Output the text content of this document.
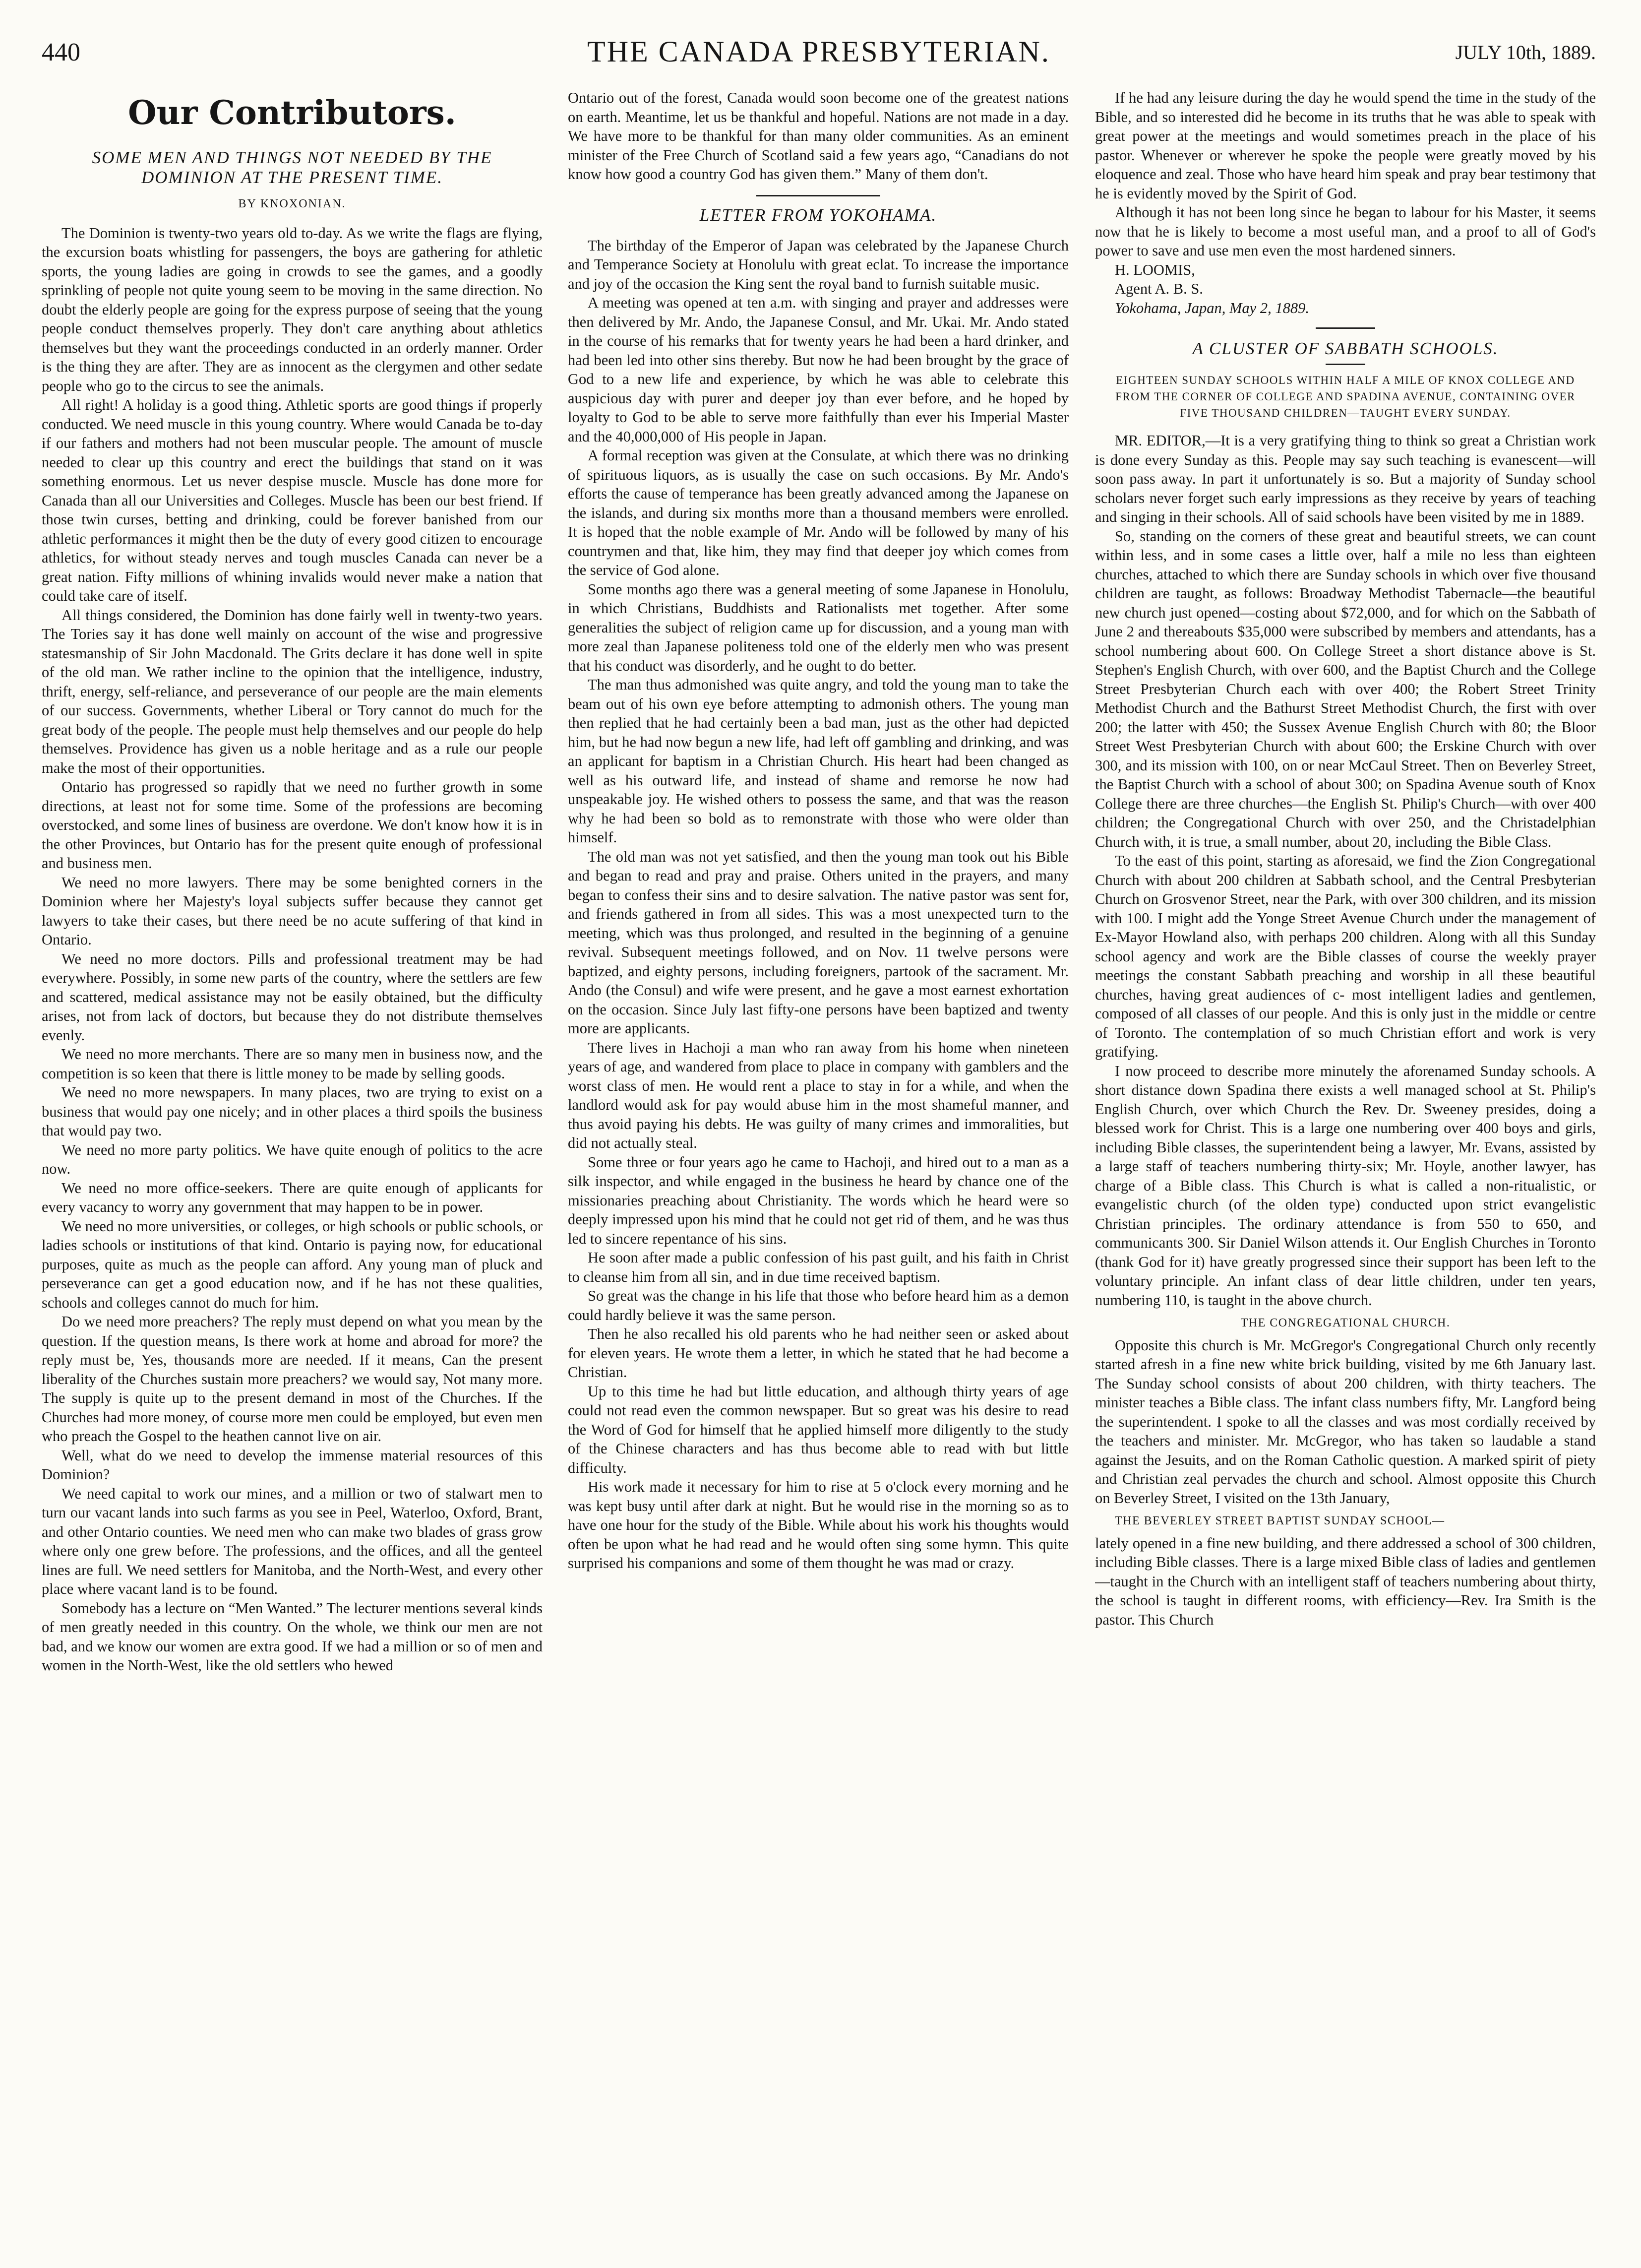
440	THE CANADA PRESBYTERIAN.	JULY 10th, 1889.
Our Contributors.
SOME MEN AND THINGS NOT NEEDED BY THE DOMINION AT THE PRESENT TIME.
BY KNOXONIAN.

The Dominion is twenty-two years old to-day. As we write the flags are flying, the excursion boats whistling for passengers, the boys are gathering for athletic sports, the young ladies are going in crowds to see the games, and a goodly sprinkling of people not quite young seem to be moving in the same direction. No doubt the elderly people are going for the express purpose of seeing that the young people conduct themselves properly. They don't care anything about athletics themselves but they want the proceedings conducted in an orderly manner. Order is the thing they are after. They are as innocent as the clergymen and other sedate people who go to the circus to see the animals.

All right! A holiday is a good thing. Athletic sports are good things if properly conducted. We need muscle in this young country. Where would Canada be to-day if our fathers and mothers had not been muscular people. The amount of muscle needed to clear up this country and erect the buildings that stand on it was something enormous. Let us never despise muscle. Muscle has done more for Canada than all our Universities and Colleges. Muscle has been our best friend. If those twin curses, betting and drinking, could be forever banished from our athletic performances it might then be the duty of every good citizen to encourage athletics, for without steady nerves and tough muscles Canada can never be a great nation. Fifty millions of whining invalids would never make a nation that could take care of itself.

All things considered, the Dominion has done fairly well in twenty-two years. The Tories say it has done well mainly on account of the wise and progressive statesmanship of Sir John Macdonald. The Grits declare it has done well in spite of the old man. We rather incline to the opinion that the intelligence, industry, thrift, energy, self-reliance, and perseverance of our people are the main elements of our success. Governments, whether Liberal or Tory cannot do much for the great body of the people. The people must help themselves and our people do help themselves. Providence has given us a noble heritage and as a rule our people make the most of their opportunities.

Ontario has progressed so rapidly that we need no further growth in some directions, at least not for some time. Some of the professions are becoming overstocked, and some lines of business are overdone. We don't know how it is in the other Provinces, but Ontario has for the present quite enough of professional and business men.

We need no more lawyers. There may be some benighted corners in the Dominion where her Majesty's loyal subjects suffer because they cannot get lawyers to take their cases, but there need be no acute suffering of that kind in Ontario.

We need no more doctors. Pills and professional treatment may be had everywhere. Possibly, in some new parts of the country, where the settlers are few and scattered, medical assistance may not be easily obtained, but the difficulty arises, not from lack of doctors, but because they do not distribute themselves evenly.

We need no more merchants. There are so many men in business now, and the competition is so keen that there is little money to be made by selling goods.

We need no more newspapers. In many places, two are trying to exist on a business that would pay one nicely; and in other places a third spoils the business that would pay two.

We need no more party politics. We have quite enough of politics to the acre now.

We need no more office-seekers. There are quite enough of applicants for every vacancy to worry any government that may happen to be in power.

We need no more universities, or colleges, or high schools or public schools, or ladies schools or institutions of that kind. Ontario is paying now, for educational purposes, quite as much as the people can afford. Any young man of pluck and perseverance can get a good education now, and if he has not these qualities, schools and colleges cannot do much for him.

Do we need more preachers? The reply must depend on what you mean by the question. If the question means, Is there work at home and abroad for more? the reply must be, Yes, thousands more are needed. If it means, Can the present liberality of the Churches sustain more preachers? we would say, Not many more. The supply is quite up to the present demand in most of the Churches. If the Churches had more money, of course more men could be employed, but even men who preach the Gospel to the heathen cannot live on air.

Well, what do we need to develop the immense material resources of this Dominion?

We need capital to work our mines, and a million or two of stalwart men to turn our vacant lands into such farms as you see in Peel, Waterloo, Oxford, Brant, and other Ontario counties. We need men who can make two blades of grass grow where only one grew before. The professions, and the offices, and all the genteel lines are full. We need settlers for Manitoba, and the North-West, and every other place where vacant land is to be found.

Somebody has a lecture on “Men Wanted.” The lecturer mentions several kinds of men greatly needed in this country. On the whole, we think our men are not bad, and we know our women are extra good. If we had a million or so of men and women in the North-West, like the old settlers who hewed

Ontario out of the forest, Canada would soon become one of the greatest nations on earth. Meantime, let us be thankful and hopeful. Nations are not made in a day. We have more to be thankful for than many older communities. As an eminent minister of the Free Church of Scotland said a few years ago, “Canadians do not know how good a country God has given them.” Many of them don't.

LETTER FROM YOKOHAMA.

The birthday of the Emperor of Japan was celebrated by the Japanese Church and Temperance Society at Honolulu with great eclat. To increase the importance and joy of the occasion the King sent the royal band to furnish suitable music.

A meeting was opened at ten a.m. with singing and prayer and addresses were then delivered by Mr. Ando, the Japanese Consul, and Mr. Ukai. Mr. Ando stated in the course of his remarks that for twenty years he had been a hard drinker, and had been led into other sins thereby. But now he had been brought by the grace of God to a new life and experience, by which he was able to celebrate this auspicious day with purer and deeper joy than ever before, and he hoped by loyalty to God to be able to serve more faithfully than ever his Imperial Master and the 40,000,000 of His people in Japan.

A formal reception was given at the Consulate, at which there was no drinking of spirituous liquors, as is usually the case on such occasions. By Mr. Ando's efforts the cause of temperance has been greatly advanced among the Japanese on the islands, and during six months more than a thousand members were enrolled. It is hoped that the noble example of Mr. Ando will be followed by many of his countrymen and that, like him, they may find that deeper joy which comes from the service of God alone.

Some months ago there was a general meeting of some Japanese in Honolulu, in which Christians, Buddhists and Rationalists met together. After some generalities the subject of religion came up for discussion, and a young man with more zeal than Japanese politeness told one of the elderly men who was present that his conduct was disorderly, and he ought to do better.

The man thus admonished was quite angry, and told the young man to take the beam out of his own eye before attempting to admonish others. The young man then replied that he had certainly been a bad man, just as the other had depicted him, but he had now begun a new life, had left off gambling and drinking, and was an applicant for baptism in a Christian Church. His heart had been changed as well as his outward life, and instead of shame and remorse he now had unspeakable joy. He wished others to possess the same, and that was the reason why he had been so bold as to remonstrate with those who were older than himself.

The old man was not yet satisfied, and then the young man took out his Bible and began to read and pray and praise. Others united in the prayers, and many began to confess their sins and to desire salvation. The native pastor was sent for, and friends gathered in from all sides. This was a most unexpected turn to the meeting, which was thus prolonged, and resulted in the beginning of a genuine revival. Subsequent meetings followed, and on Nov. 11 twelve persons were baptized, and eighty persons, including foreigners, partook of the sacrament. Mr. Ando (the Consul) and wife were present, and he gave a most earnest exhortation on the occasion. Since July last fifty-one persons have been baptized and twenty more are applicants.

There lives in Hachoji a man who ran away from his home when nineteen years of age, and wandered from place to place in company with gamblers and the worst class of men. He would rent a place to stay in for a while, and when the landlord would ask for pay would abuse him in the most shameful manner, and thus avoid paying his debts. He was guilty of many crimes and immoralities, but did not actually steal.

Some three or four years ago he came to Hachoji, and hired out to a man as a silk inspector, and while engaged in the business he heard by chance one of the missionaries preaching about Christianity. The words which he heard were so deeply impressed upon his mind that he could not get rid of them, and he was thus led to sincere repentance of his sins.

He soon after made a public confession of his past guilt, and his faith in Christ to cleanse him from all sin, and in due time received baptism.

So great was the change in his life that those who before heard him as a demon could hardly believe it was the same person.

Then he also recalled his old parents who he had neither seen or asked about for eleven years. He wrote them a letter, in which he stated that he had become a Christian.

Up to this time he had but little education, and although thirty years of age could not read even the common newspaper. But so great was his desire to read the Word of God for himself that he applied himself more diligently to the study of the Chinese characters and has thus become able to read with but little difficulty.

His work made it necessary for him to rise at 5 o'clock every morning and he was kept busy until after dark at night. But he would rise in the morning so as to have one hour for the study of the Bible. While about his work his thoughts would often be upon what he had read and he would often sing some hymn. This quite surprised his companions and some of them thought he was mad or crazy.

If he had any leisure during the day he would spend the time in the study of the Bible, and so interested did he become in its truths that he was able to speak with great power at the meetings and would sometimes preach in the place of his pastor. Whenever or wherever he spoke the people were greatly moved by his eloquence and zeal. Those who have heard him speak and pray bear testimony that he is evidently moved by the Spirit of God.

Although it has not been long since he began to labour for his Master, it seems now that he is likely to become a most useful man, and a proof to all of God's power to save and use men even the most hardened sinners.

H. LOOMIS,

Agent A. B. S.

Yokohama, Japan, May 2, 1889.

A CLUSTER OF SABBATH SCHOOLS.
EIGHTEEN SUNDAY SCHOOLS WITHIN HALF A MILE OF KNOX COLLEGE AND FROM THE CORNER OF COLLEGE AND SPADINA AVENUE, CONTAINING OVER FIVE THOUSAND CHILDREN—TAUGHT EVERY SUNDAY.

MR. EDITOR,—It is a very gratifying thing to think so great a Christian work is done every Sunday as this. People may say such teaching is evanescent—will soon pass away. In part it unfortunately is so. But a majority of Sunday school scholars never forget such early impressions as they receive by years of teaching and singing in their schools. All of said schools have been visited by me in 1889.

So, standing on the corners of these great and beautiful streets, we can count within less, and in some cases a little over, half a mile no less than eighteen churches, attached to which there are Sunday schools in which over five thousand children are taught, as follows: Broadway Methodist Tabernacle—the beautiful new church just opened—costing about $72,000, and for which on the Sabbath of June 2 and thereabouts $35,000 were subscribed by members and attendants, has a school numbering about 600. On College Street a short distance above is St. Stephen's English Church, with over 600, and the Baptist Church and the College Street Presbyterian Church each with over 400; the Robert Street Trinity Methodist Church and the Bathurst Street Methodist Church, the first with over 200; the latter with 450; the Sussex Avenue English Church with 80; the Bloor Street West Presbyterian Church with about 600; the Erskine Church with over 300, and its mission with 100, on or near McCaul Street. Then on Beverley Street, the Baptist Church with a school of about 300; on Spadina Avenue south of Knox College there are three churches—the English St. Philip's Church—with over 400 children; the Congregational Church with over 250, and the Christadelphian Church with, it is true, a small number, about 20, including the Bible Class.

To the east of this point, starting as aforesaid, we find the Zion Congregational Church with about 200 children at Sabbath school, and the Central Presbyterian Church on Grosvenor Street, near the Park, with over 300 children, and its mission with 100. I might add the Yonge Street Avenue Church under the management of Ex-Mayor Howland also, with perhaps 200 children. Along with all this Sunday school agency and work are the Bible classes of course the weekly prayer meetings the constant Sabbath preaching and worship in all these beautiful churches, having great audiences of c- most intelligent ladies and gentlemen, composed of all classes of our people. And this is only just in the middle or centre of Toronto. The contemplation of so much Christian effort and work is very gratifying.

I now proceed to describe more minutely the aforenamed Sunday schools. A short distance down Spadina there exists a well managed school at St. Philip's English Church, over which Church the Rev. Dr. Sweeney presides, doing a blessed work for Christ. This is a large one numbering over 400 boys and girls, including Bible classes, the superintendent being a lawyer, Mr. Evans, assisted by a large staff of teachers numbering thirty-six; Mr. Hoyle, another lawyer, has charge of a Bible class. This Church is what is called a non-ritualistic, or evangelistic church (of the olden type) conducted upon strict evangelistic Christian principles. The ordinary attendance is from 550 to 650, and communicants 300. Sir Daniel Wilson attends it. Our English Churches in Toronto (thank God for it) have greatly progressed since their support has been left to the voluntary principle. An infant class of dear little children, under ten years, numbering 110, is taught in the above church.

THE CONGREGATIONAL CHURCH.

Opposite this church is Mr. McGregor's Congregational Church only recently started afresh in a fine new white brick building, visited by me 6th January last. The Sunday school consists of about 200 children, with thirty teachers. The minister teaches a Bible class. The infant class numbers fifty, Mr. Langford being the superintendent. I spoke to all the classes and was most cordially received by the teachers and minister. Mr. McGregor, who has taken so laudable a stand against the Jesuits, and on the Roman Catholic question. A marked spirit of piety and Christian zeal pervades the church and school. Almost opposite this Church on Beverley Street, I visited on the 13th January,

THE BEVERLEY STREET BAPTIST SUNDAY SCHOOL—

lately opened in a fine new building, and there addressed a school of 300 children, including Bible classes. There is a large mixed Bible class of ladies and gentlemen—taught in the Church with an intelligent staff of teachers numbering about thirty, the school is taught in different rooms, with efficiency—Rev. Ira Smith is the pastor. This Church
